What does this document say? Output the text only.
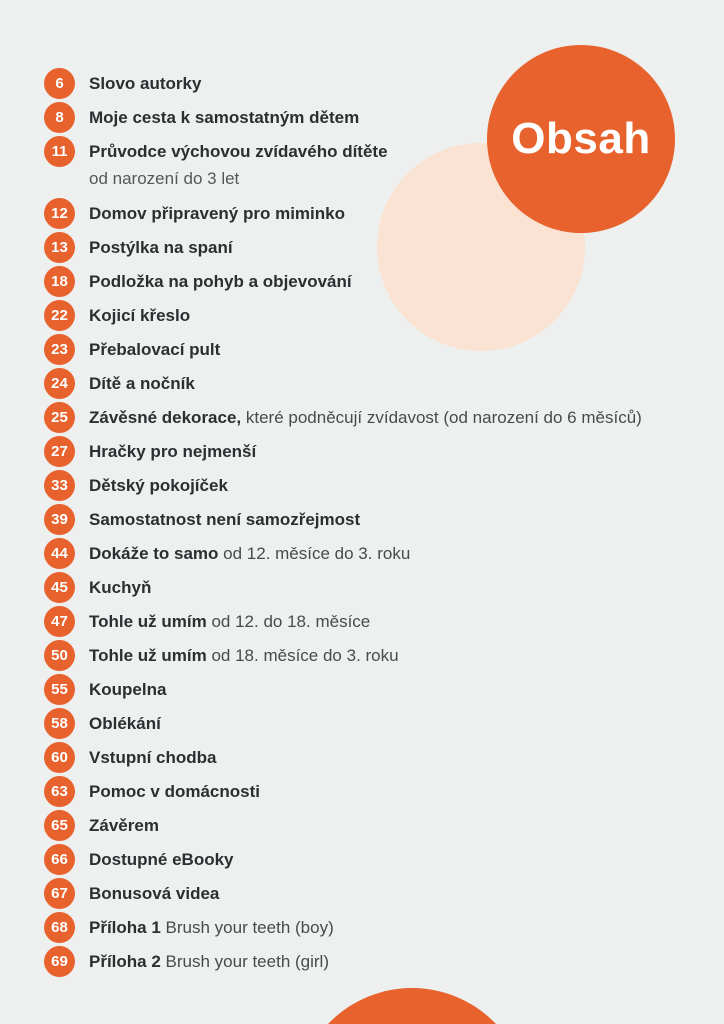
Obsah
6	Slovo autorky
8	Moje cesta k samostatným dětem
11	Průvodce výchovou zvídavého dítěte
od narození do 3 let
12	Domov připravený pro miminko
13	Postýlka na spaní
18	Podložka na pohyb a objevování
22	Kojicí křeslo
23	Přebalovací pult
24	Dítě a nočník
25	Závěsné dekorace, které podněcují zvídavost (od narození do 6 měsíců)
27	Hračky pro nejmenší
33	Dětský pokojíček
39	Samostatnost není samozřejmost
44	Dokáže to samo od 12. měsíce do 3. roku
45	Kuchyň
47	Tohle už umím od 12. do 18. měsíce
50	Tohle už umím od 18. měsíce do 3. roku
55	Koupelna
58	Oblékání
60	Vstupní chodba
63	Pomoc v domácnosti
65	Závěrem
66	Dostupné eBooky
67	Bonusová videa
68	Příloha 1 Brush your teeth (boy)
69	Příloha 2 Brush your teeth (girl)
